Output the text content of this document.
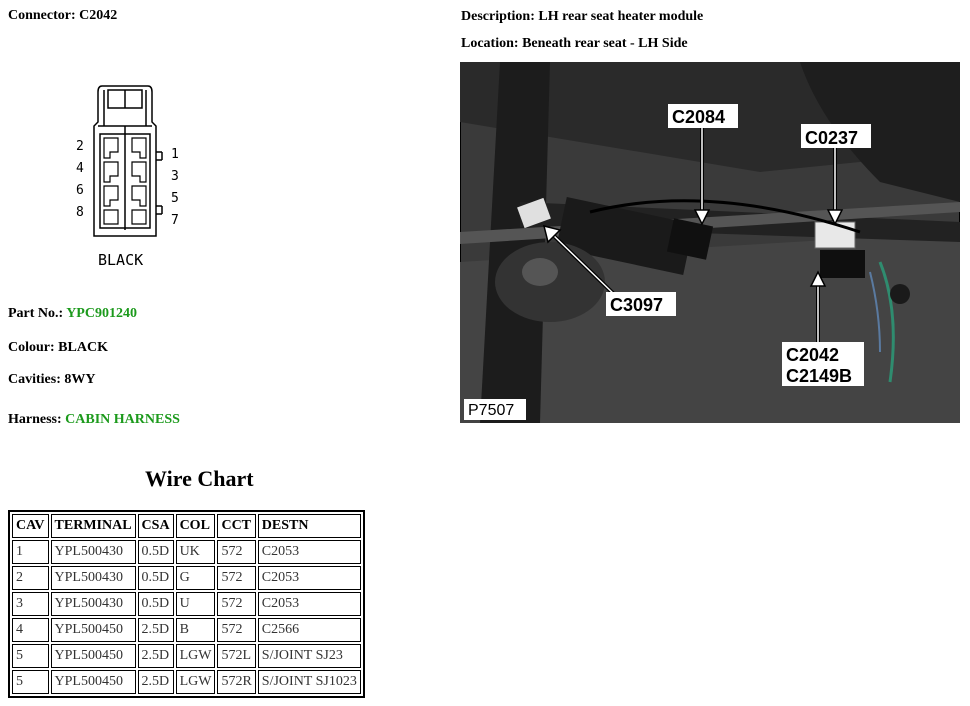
Connector: C2042	Description: LH rear seat heater module
Location: Beneath rear seat - LH Side
2
4
6
8
1
3
5
7
BLACK
C2084
C0237
C3097
C2042
C2149B
P7507
Part No.: YPC901240
Colour: BLACK
Cavities: 8WY
Harness: CABIN HARNESS
Wire Chart
CAV	TERMINAL	CSA	COL	CCT	DESTN
1	YPL500430	0.5D	UK	572	C2053
2	YPL500430	0.5D	G	572	C2053
3	YPL500430	0.5D	U	572	C2053
4	YPL500450	2.5D	B	572	C2566
5	YPL500450	2.5D	LGW	572L	S/JOINT SJ23
5	YPL500450	2.5D	LGW	572R	S/JOINT SJ1023
